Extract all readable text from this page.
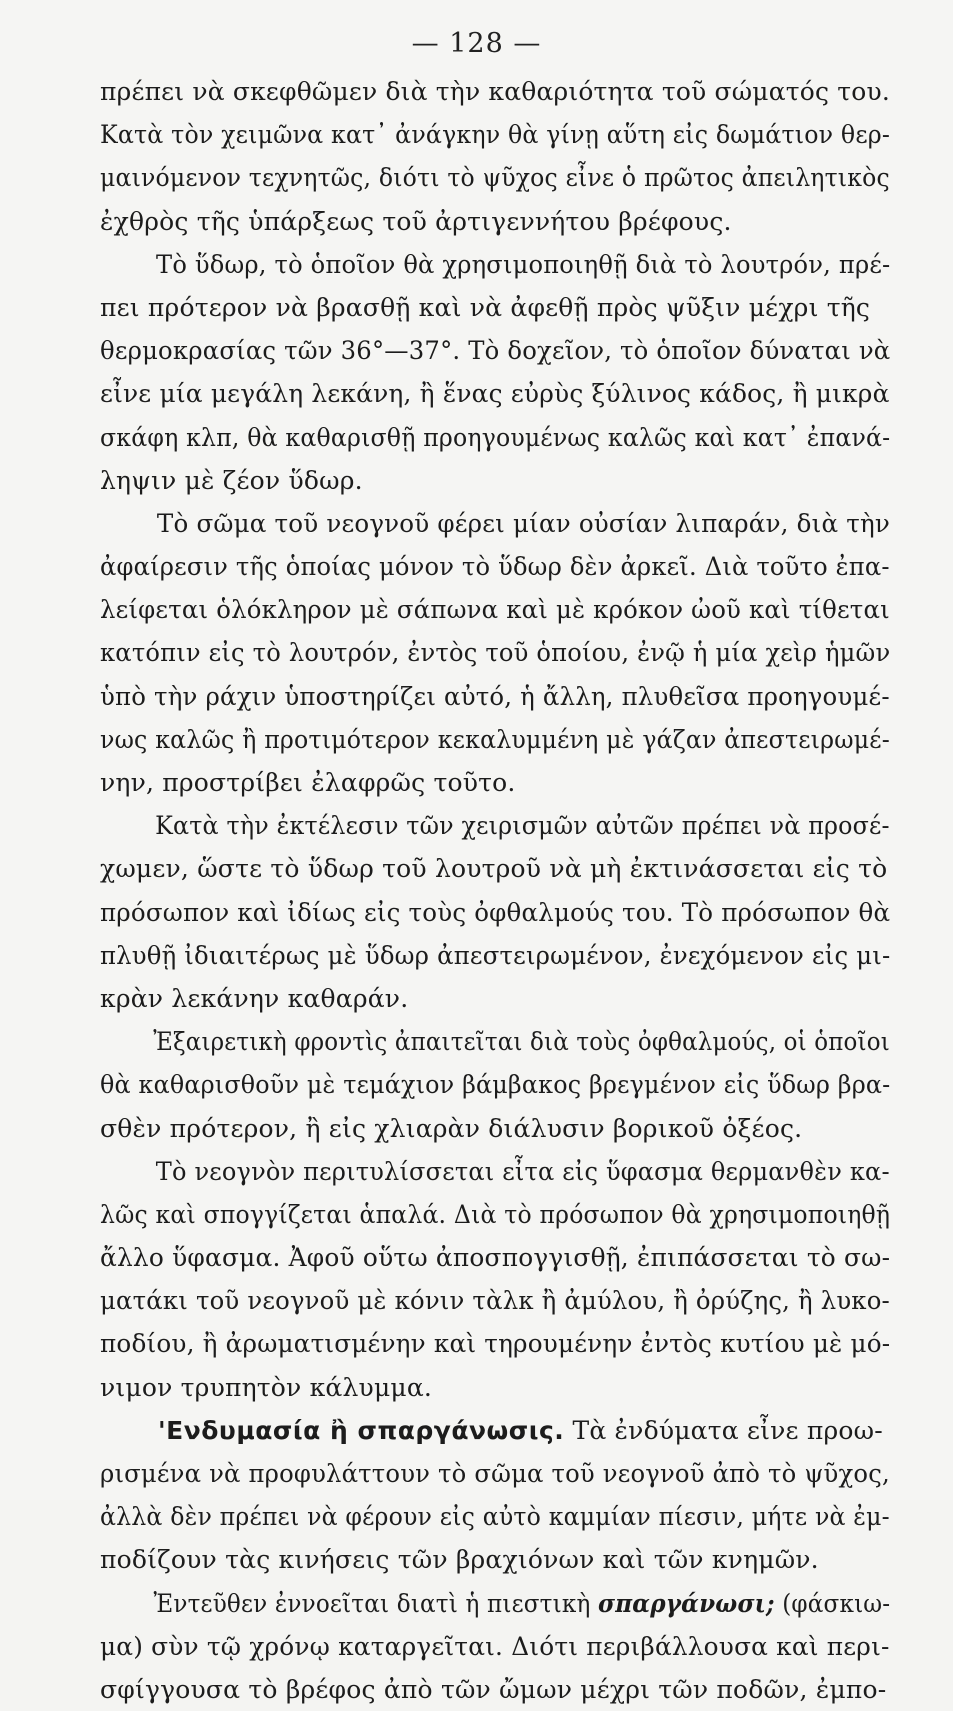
— 128 —
πρέπει νὰ σκεφθῶμεν διὰ τὴν καθαριότητα τοῦ σώματός του.
Κατὰ τὸν χειμῶνα κατ᾽ ἀνάγκην θὰ γίνῃ αὕτη εἰς δωμάτιον θερ-
μαινόμενον τεχνητῶς, διότι τὸ ψῦχος εἶνε ὁ πρῶτος ἀπειλητικὸς
ἐχθρὸς τῆς ὑπάρξεως τοῦ ἀρτιγεννήτου βρέφους.
Τὸ ὕδωρ, τὸ ὁποῖον θὰ χρησιμοποιηθῇ διὰ τὸ λουτρόν, πρέ-
πει πρότερον νὰ βρασθῇ καὶ νὰ ἀφεθῇ πρὸς ψῦξιν μέχρι τῆς
θερμοκρασίας τῶν 36°—37°. Τὸ δοχεῖον, τὸ ὁποῖον δύναται νὰ
εἶνε μία μεγάλη λεκάνη, ἢ ἕνας εὐρὺς ξύλινος κάδος, ἢ μικρὰ
σκάφη κλπ, θὰ καθαρισθῇ προηγουμένως καλῶς καὶ κατ᾽ ἐπανά-
ληψιν μὲ ζέον ὕδωρ.
Τὸ σῶμα τοῦ νεογνοῦ φέρει μίαν οὐσίαν λιπαράν, διὰ τὴν
ἀφαίρεσιν τῆς ὁποίας μόνον τὸ ὕδωρ δὲν ἀρκεῖ. Διὰ τοῦτο ἐπα-
λείφεται ὁλόκληρον μὲ σάπωνα καὶ μὲ κρόκον ὠοῦ καὶ τίθεται
κατόπιν εἰς τὸ λουτρόν, ἐντὸς τοῦ ὁποίου, ἐνῷ ἡ μία χεὶρ ἡμῶν
ὑπὸ τὴν ράχιν ὑποστηρίζει αὐτό, ἡ ἄλλη, πλυθεῖσα προηγουμέ-
νως καλῶς ἢ προτιμότερον κεκαλυμμένη μὲ γάζαν ἀπεστειρωμέ-
νην, προστρίβει ἐλαφρῶς τοῦτο.
Κατὰ τὴν ἐκτέλεσιν τῶν χειρισμῶν αὐτῶν πρέπει νὰ προσέ-
χωμεν, ὥστε τὸ ὕδωρ τοῦ λουτροῦ νὰ μὴ ἐκτινάσσεται εἰς τὸ
πρόσωπον καὶ ἰδίως εἰς τοὺς ὀφθαλμούς του. Τὸ πρόσωπον θὰ
πλυθῇ ἰδιαιτέρως μὲ ὕδωρ ἀπεστειρωμένον, ἐνεχόμενον εἰς μι-
κρὰν λεκάνην καθαράν.
Ἐξαιρετικὴ φροντὶς ἀπαιτεῖται διὰ τοὺς ὀφθαλμούς, οἱ ὁποῖοι
θὰ καθαρισθοῦν μὲ τεμάχιον βάμβακος βρεγμένον εἰς ὕδωρ βρα-
σθὲν πρότερον, ἢ εἰς χλιαρὰν διάλυσιν βορικοῦ ὀξέος.
Τὸ νεογνὸν περιτυλίσσεται εἶτα εἰς ὕφασμα θερμανθὲν κα-
λῶς καὶ σπογγίζεται ἁπαλά. Διὰ τὸ πρόσωπον θὰ χρησιμοποιηθῇ
ἄλλο ὕφασμα. Ἀφοῦ οὕτω ἀποσπογγισθῇ, ἐπιπάσσεται τὸ σω-
ματάκι τοῦ νεογνοῦ μὲ κόνιν τὰλκ ἢ ἀμύλου, ἢ ὀρύζης, ἢ λυκο-
ποδίου, ἢ ἀρωματισμένην καὶ τηρουμένην ἐντὸς κυτίου μὲ μό-
νιμον τρυπητὸν κάλυμμα.
'Ενδυμασία ἢ σπαργάνωσις. Τὰ ἐνδύματα εἶνε προω-
ρισμένα νὰ προφυλάττουν τὸ σῶμα τοῦ νεογνοῦ ἀπὸ τὸ ψῦχος,
ἀλλὰ δὲν πρέπει νὰ φέρουν εἰς αὐτὸ καμμίαν πίεσιν, μήτε νὰ ἐμ-
ποδίζουν τὰς κινήσεις τῶν βραχιόνων καὶ τῶν κνημῶν.
Ἐντεῦθεν ἐννοεῖται διατὶ ἡ πιεστικὴ σπαργάνωσι; (φάσκιω-
μα) σὺν τῷ χρόνῳ καταργεῖται. Διότι περιβάλλουσα καὶ περι-
σφίγγουσα τὸ βρέφος ἀπὸ τῶν ὤμων μέχρι τῶν ποδῶν, ἐμπο-
